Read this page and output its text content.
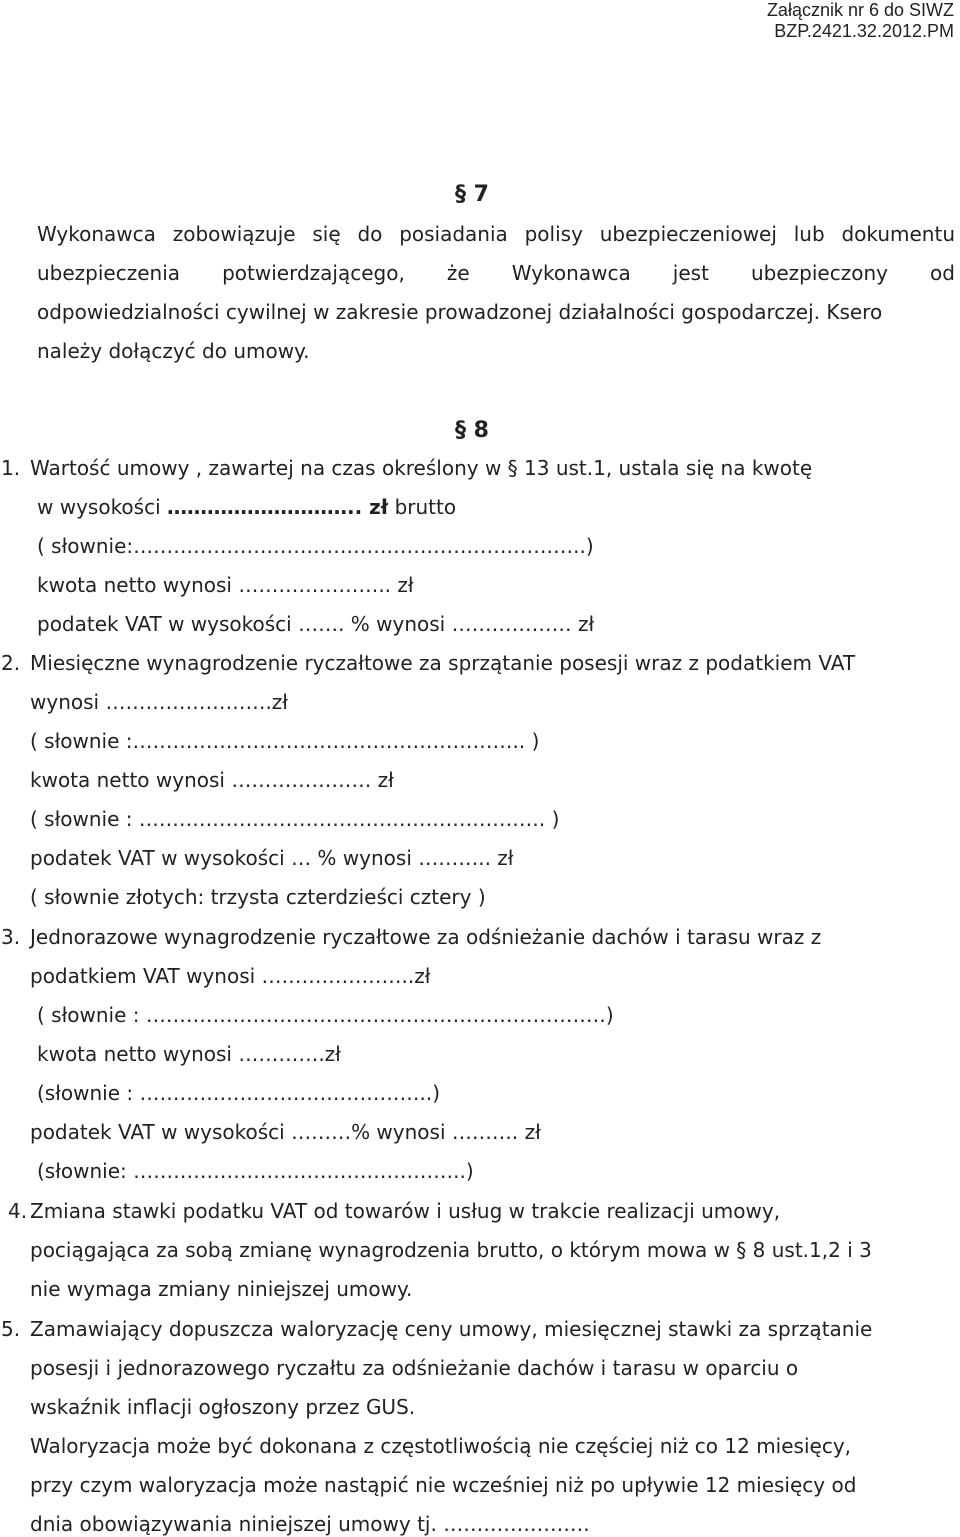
Załącznik nr 6 do SIWZ
BZP.2421.32.2012.PM
§ 7
Wykonawca zobowiązuje się do posiadania polisy ubezpieczeniowej lub dokumentu
ubezpieczenia potwierdzającego, że Wykonawca jest ubezpieczony od
odpowiedzialności cywilnej w zakresie prowadzonej działalności gospodarczej. Ksero
należy dołączyć do umowy.
§ 8
1. Wartość umowy , zawartej na czas określony w § 13 ust.1, ustala się na kwotę
w wysokości ……………………….. zł brutto
( słownie:…………………………………………………………..)
kwota netto wynosi ………………….. zł
podatek VAT w wysokości ……. % wynosi ……………… zł
2. Miesięczne wynagrodzenie ryczałtowe za sprzątanie posesji wraz z podatkiem VAT
wynosi …………………….zł
( słownie :………………………………………………….. )
kwota netto wynosi ………………… zł
( słownie : ……………………………………………………. )
podatek VAT w wysokości … % wynosi ……….. zł
( słownie złotych: trzysta czterdzieści cztery )
3. Jednorazowe wynagrodzenie ryczałtowe za odśnieżanie dachów i tarasu wraz z
podatkiem VAT wynosi …………………..zł
( słownie : ……………………………………………………………)
kwota netto wynosi ………….zł
(słownie : ……………………………………..)
podatek VAT w wysokości ………% wynosi ………. zł
(słownie: …………………………………………..)
4. Zmiana stawki podatku VAT od towarów i usług w trakcie realizacji umowy,
pociągająca za sobą zmianę wynagrodzenia brutto, o którym mowa w § 8 ust.1,2 i 3
nie wymaga zmiany niniejszej umowy.
5. Zamawiający dopuszcza waloryzację ceny umowy, miesięcznej stawki za sprzątanie
posesji i jednorazowego ryczałtu za odśnieżanie dachów i tarasu w oparciu o
wskaźnik inflacji ogłoszony przez GUS.
Waloryzacja może być dokonana z częstotliwością nie częściej niż co 12 miesięcy,
przy czym waloryzacja może nastąpić nie wcześniej niż po upływie 12 miesięcy od
dnia obowiązywania niniejszej umowy tj. ………………….
